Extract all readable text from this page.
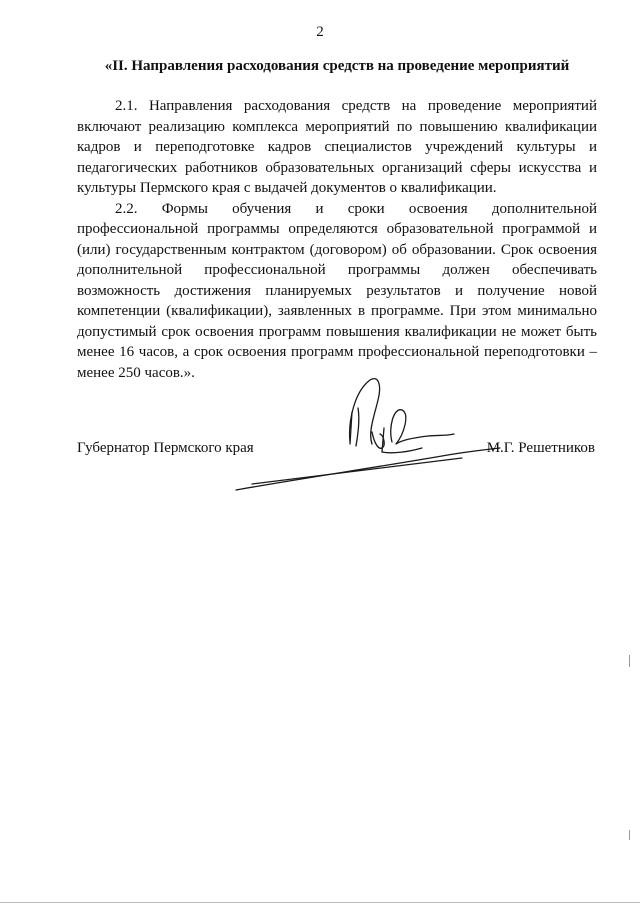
2
«II. Направления расходования средств на проведение мероприятий

2.1. Направления расходования средств на проведение мероприятий включают реализацию комплекса мероприятий по повышению квалификации кадров и переподготовке кадров специалистов учреждений культуры и педагогических работников образовательных организаций сферы искусства и культуры Пермского края с выдачей документов о квалификации.

2.2. Формы обучения и сроки освоения дополнительной профессиональной программы определяются образовательной программой и (или) государственным контрактом (договором) об образовании. Срок освоения дополнительной профессиональной программы должен обеспечивать возможность достижения планируемых результатов и получение новой компетенции (квалификации), заявленных в программе. При этом минимально допустимый срок освоения программ повышения квалификации не может быть менее 16 часов, а срок освоения программ профессиональной переподготовки – менее 250 часов.».

Губернатор Пермского края	М.Г. Решетников
